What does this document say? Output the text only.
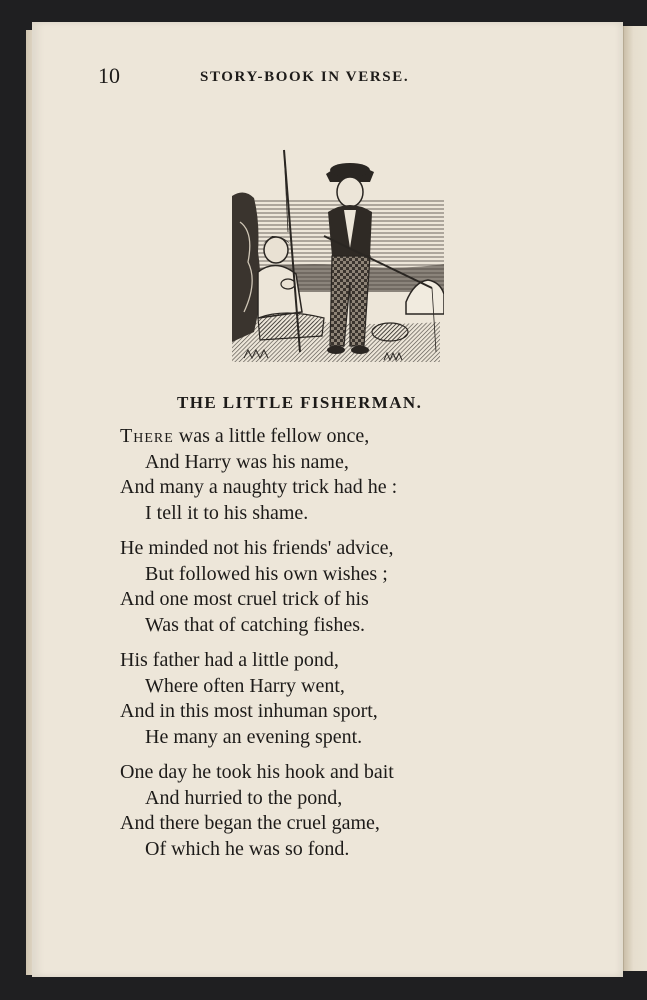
10	STORY-BOOK IN VERSE.
THE LITTLE FISHERMAN.
There was a little fellow once,
And Harry was his name,
And many a naughty trick had he :
I tell it to his shame.
He minded not his friends' advice,
But followed his own wishes ;
And one most cruel trick of his
Was that of catching fishes.
His father had a little pond,
Where often Harry went,
And in this most inhuman sport,
He many an evening spent.
One day he took his hook and bait
And hurried to the pond,
And there began the cruel game,
Of which he was so fond.
